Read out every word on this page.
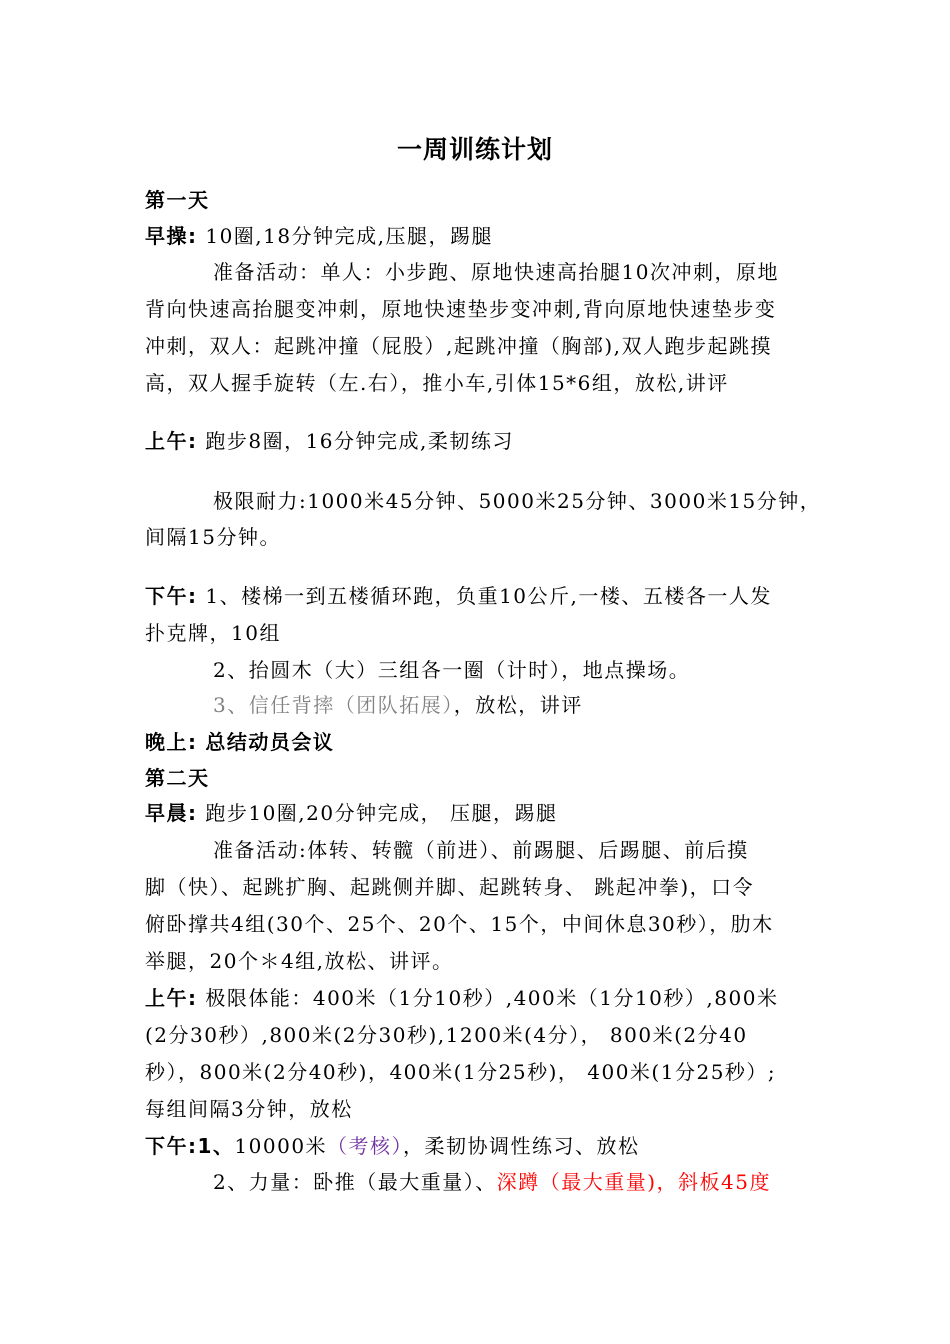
一周训练计划
第一天
早操: 10圈,18分钟完成,压腿，踢腿
准备活动：单人：小步跑、原地快速高抬腿10次冲刺，原地
背向快速高抬腿变冲刺，原地快速垫步变冲刺,背向原地快速垫步变
冲刺，双人：起跳冲撞（屁股）,起跳冲撞（胸部),双人跑步起跳摸
高，双人握手旋转（左.右），推小车,引体15*6组，放松,讲评
上午: 跑步8圈，16分钟完成,柔韧练习
极限耐力:1000米45分钟、5000米25分钟、3000米15分钟，
间隔15分钟。
下午: 1、楼梯一到五楼循环跑，负重10公斤,一楼、五楼各一人发
扑克牌，10组
2、抬圆木（大）三组各一圈（计时），地点操场。
3、信任背摔（团队拓展），放松，讲评
晚上: 总结动员会议
第二天
早晨: 跑步10圈,20分钟完成， 压腿，踢腿
准备活动:体转、转髋（前进）、前踢腿、后踢腿、前后摸
脚（快）、起跳扩胸、起跳侧并脚、起跳转身、 跳起冲拳)，口令
俯卧撑共4组(30个、25个、20个、15个，中间休息30秒），肋木
举腿，20个＊4组,放松、讲评。
上午: 极限体能：400米（1分10秒）,400米（1分10秒）,800米
(2分30秒）,800米(2分30秒),1200米(4分）， 800米(2分40
秒），800米(2分40秒)，400米(1分25秒)， 400米(1分25秒）;
每组间隔3分钟，放松
下午:1、10000米（考核），柔韧协调性练习、放松
2、力量：卧推（最大重量）、深蹲（最大重量)，斜板45度
